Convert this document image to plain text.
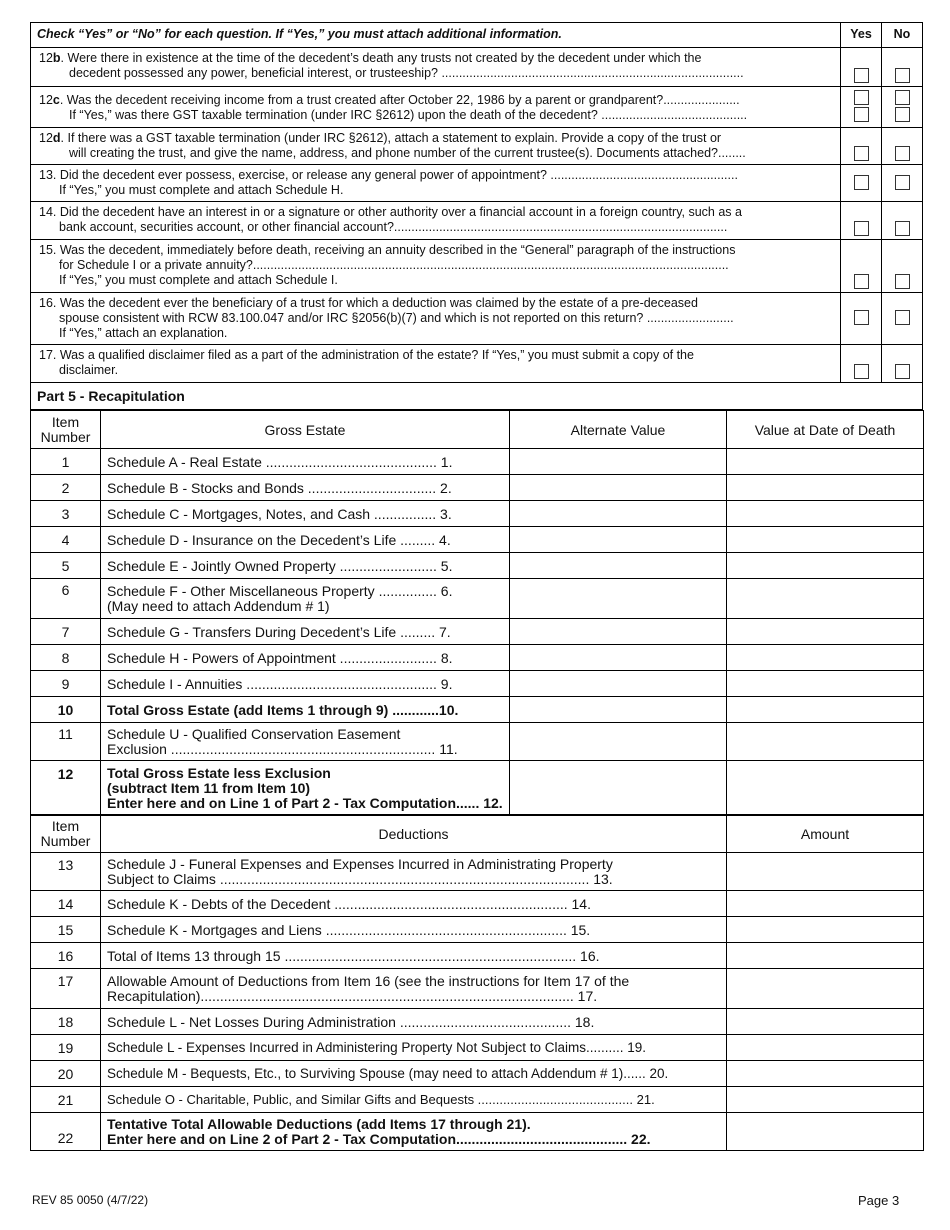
Check “Yes” or “No” for each question. If “Yes,” you must attach additional information.	Yes	No
12b. Were there in existence at the time of the decedent’s death any trusts not created by the decedent under which the
decedent possessed any power, beneficial interest, or trusteeship? .......................................................................................
12c. Was the decedent receiving income from a trust created after October 22, 1986 by a parent or grandparent?......................
If “Yes,” was there GST taxable termination (under IRC §2612) upon the death of the decedent? ..........................................
12d. If there was a GST taxable termination (under IRC §2612), attach a statement to explain. Provide a copy of the trust or
will creating the trust, and give the name, address, and phone number of the current trustee(s). Documents attached?........
13. Did the decedent ever possess, exercise, or release any general power of appointment? ......................................................
If “Yes,” you must complete and attach Schedule H.
14. Did the decedent have an interest in or a signature or other authority over a financial account in a foreign country, such as a
bank account, securities account, or other financial account?................................................................................................
15. Was the decedent, immediately before death, receiving an annuity described in the “General” paragraph of the instructions
for Schedule I or a private annuity?.........................................................................................................................................
If “Yes,” you must complete and attach Schedule I.
16. Was the decedent ever the beneficiary of a trust for which a deduction was claimed by the estate of a pre-deceased
spouse consistent with RCW 83.100.047 and/or IRC §2056(b)(7) and which is not reported on this return? .........................
If “Yes,” attach an explanation.
17. Was a qualified disclaimer filed as a part of the administration of the estate? If “Yes,” you must submit a copy of the
disclaimer.
Part 5 - Recapitulation
Item
Number	Gross Estate	Alternate Value	Value at Date of Death
1	Schedule A - Real Estate ............................................ 1.		
2	Schedule B - Stocks and Bonds ................................. 2.		
3	Schedule C - Mortgages, Notes, and Cash ................ 3.		
4	Schedule D - Insurance on the Decedent’s Life ......... 4.		
5	Schedule E - Jointly Owned Property ......................... 5.		
6	Schedule F - Other Miscellaneous Property ............... 6.
(May need to attach Addendum # 1)		
7	Schedule G - Transfers During Decedent’s Life ......... 7.		
8	Schedule H - Powers of Appointment ......................... 8.		
9	Schedule I - Annuities ................................................. 9.		
10	Total Gross Estate (add Items 1 through 9) ............10.		
11	Schedule U - Qualified Conservation Easement
Exclusion .................................................................... 11.		
12	Total Gross Estate less Exclusion
(subtract Item 11 from Item 10)
Enter here and on Line 1 of Part 2 - Tax Computation...... 12.		
Item
Number	Deductions	Amount
13	Schedule J - Funeral Expenses and Expenses Incurred in Administrating Property
Subject to Claims ............................................................................................... 13.	
14	Schedule K - Debts of the Decedent ............................................................ 14.	
15	Schedule K - Mortgages and Liens .............................................................. 15.	
16	Total of Items 13 through 15 ........................................................................... 16.	
17	Allowable Amount of Deductions from Item 16 (see the instructions for Item 17 of the
Recapitulation)................................................................................................ 17.	
18	Schedule L - Net Losses During Administration ............................................ 18.	
19	Schedule L - Expenses Incurred in Administering Property Not Subject to Claims.......... 19.	
20	Schedule M - Bequests, Etc., to Surviving Spouse (may need to attach Addendum # 1)...... 20.	
21	Schedule O - Charitable, Public, and Similar Gifts and Bequests ........................................... 21.	
22	Tentative Total Allowable Deductions (add Items 17 through 21).
Enter here and on Line 2 of Part 2 - Tax Computation............................................ 22.	
REV 85 0050 (4/7/22)	Page 3
